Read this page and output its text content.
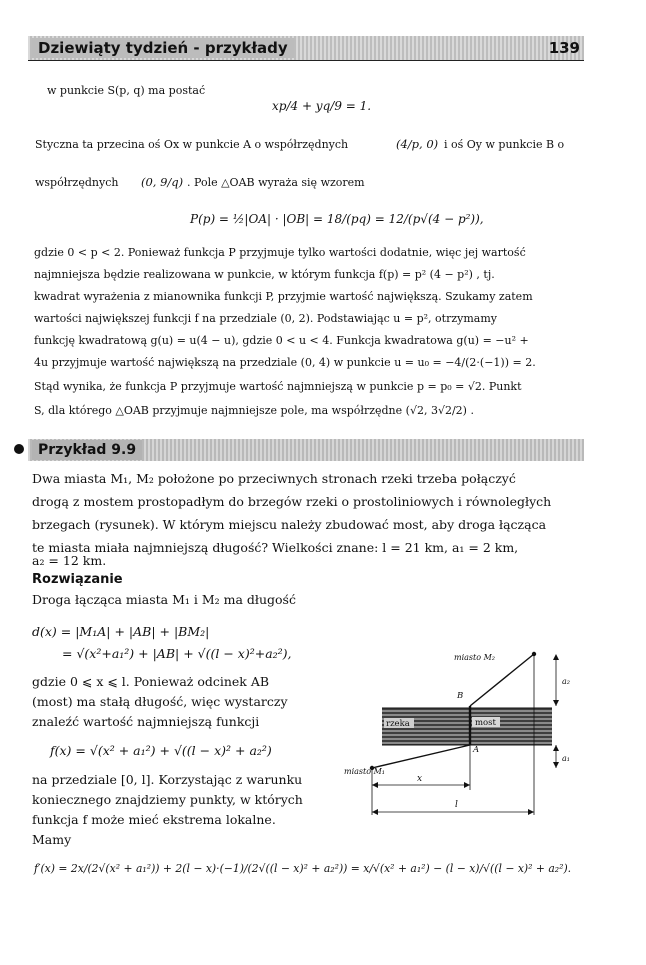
Dziewiąty tydzień - przykłady	139
w punkcie S(p, q) ma postać
xp/4 + yq/9 = 1.
Styczna ta przecina oś Ox w punkcie A o współrzędnych	(4/p, 0) i oś Oy w punkcie B o
współrzędnych (0, 9/q) . Pole △OAB wyraża się wzorem
P(p) = ½|OA| · |OB| = 18/(pq) = 12/(p√(4 − p²)),
gdzie 0 < p < 2. Ponieważ funkcja P przyjmuje tylko wartości dodatnie, więc jej wartość
najmniejsza będzie realizowana w punkcie, w którym funkcja f(p) = p² (4 − p²) , tj.
kwadrat wyrażenia z mianownika funkcji P, przyjmie wartość największą. Szukamy zatem
wartości największej funkcji f na przedziale (0, 2). Podstawiając u = p², otrzymamy
funkcję kwadratową g(u) = u(4 − u), gdzie 0 < u < 4. Funkcja kwadratowa g(u) = −u² +
4u przyjmuje wartość największą na przedziale (0, 4) w punkcie u = u₀ = −4/(2·(−1)) = 2.
Stąd wynika, że funkcja P przyjmuje wartość najmniejszą w punkcie p = p₀ = √2. Punkt
S, dla którego △OAB przyjmuje najmniejsze pole, ma współrzędne (√2, 3√2/2) .
Przykład 9.9
Dwa miasta M₁, M₂ położone po przeciwnych stronach rzeki trzeba połączyć
drogą z mostem prostopadłym do brzegów rzeki o prostoliniowych i równoległych
brzegach (rysunek). W którym miejscu należy zbudować most, aby droga łącząca
te miasta miała najmniejszą długość? Wielkości znane: l = 21 km, a₁ = 2 km,
a₂ = 12 km.
Rozwiązanie
Droga łącząca miasta M₁ i M₂ ma długość
d(x) = |M₁A| + |AB| + |BM₂|
= √(x²+a₁²) + |AB| + √((l − x)²+a₂²),
gdzie 0 ⩽ x ⩽ l. Ponieważ odcinek AB
(most) ma stałą długość, więc wystarczy
znaleźć wartość najmniejszą funkcji
f(x) = √(x² + a₁²) + √((l − x)² + a₂²)
na przedziale [0, l]. Korzystając z warunku
koniecznego znajdziemy punkty, w których
funkcja f może mieć ekstrema lokalne.
Mamy
f′(x) = 2x/(2√(x² + a₁²)) + 2(l − x)·(−1)/(2√((l − x)² + a₂²)) = x/√(x² + a₁²) − (l − x)/√((l − x)² + a₂²).
rzeka	most
miasto M₂
miasto M₁
B
A
a₂
a₁
x
l
